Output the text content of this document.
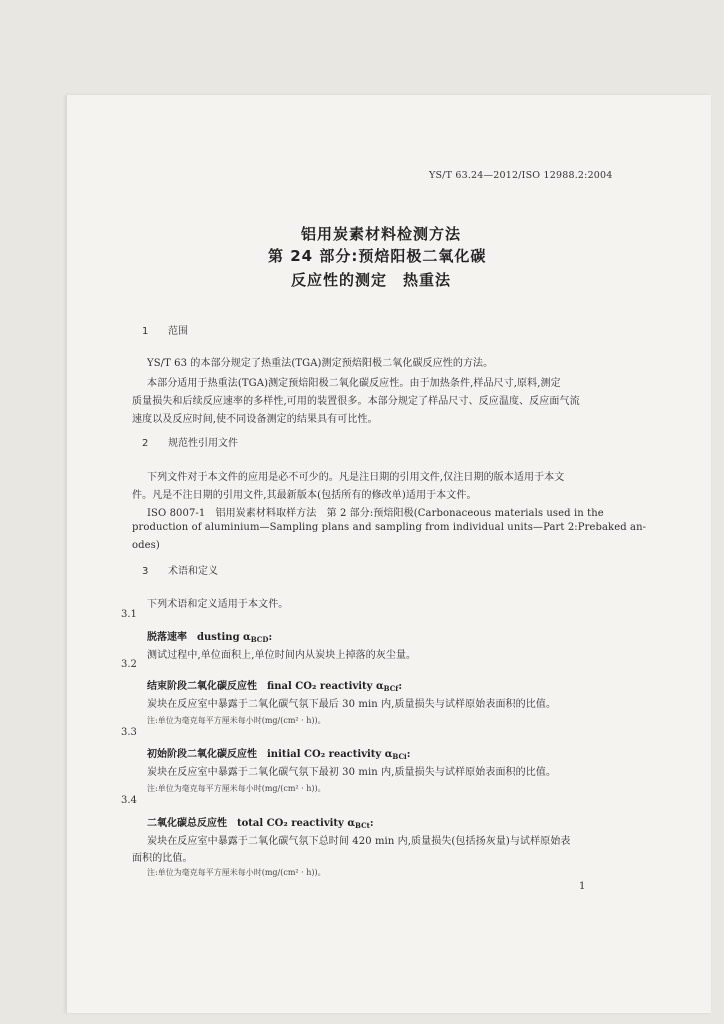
YS/T 63.24—2012/ISO 12988.2:2004
铝用炭素材料检测方法
第 24 部分:预焙阳极二氧化碳
反应性的测定　热重法
1 范围
YS/T 63 的本部分规定了热重法(TGA)测定预焙阳极二氧化碳反应性的方法。
本部分适用于热重法(TGA)测定预焙阳极二氧化碳反应性。由于加热条件,样品尺寸,原料,测定
质量损失和后续反应速率的多样性,可用的装置很多。本部分规定了样品尺寸、反应温度、反应面气流
速度以及反应时间,使不同设备测定的结果具有可比性。
2 规范性引用文件
下列文件对于本文件的应用是必不可少的。凡是注日期的引用文件,仅注日期的版本适用于本文
件。凡是不注日期的引用文件,其最新版本(包括所有的修改单)适用于本文件。
ISO 8007-1　铝用炭素材料取样方法　第 2 部分:预焙阳极(Carbonaceous materials used in the
production of aluminium—Sampling plans and sampling from individual units—Part 2:Prebaked an-
odes)
3 术语和定义
下列术语和定义适用于本文件。
3.1
脱落速率　dusting $\alpha_{BCD}$:
测试过程中,单位面积上,单位时间内从炭块上掉落的灰尘量。
3.2
结束阶段二氧化碳反应性　final CO₂ reactivity $\alpha_{BCf}$:
炭块在反应室中暴露于二氧化碳气氛下最后 30 min 内,质量损失与试样原始表面积的比值。
注:单位为毫克每平方厘米每小时(mg/(cm² · h))。
3.3
初始阶段二氧化碳反应性　initial CO₂ reactivity $\alpha_{BCi}$:
炭块在反应室中暴露于二氧化碳气氛下最初 30 min 内,质量损失与试样原始表面积的比值。
注:单位为毫克每平方厘米每小时(mg/(cm² · h))。
3.4
二氧化碳总反应性　total CO₂ reactivity $\alpha_{BCt}$:
炭块在反应室中暴露于二氧化碳气氛下总时间 420 min 内,质量损失(包括扬灰量)与试样原始表
面积的比值。
注:单位为毫克每平方厘米每小时(mg/(cm² · h))。
1
